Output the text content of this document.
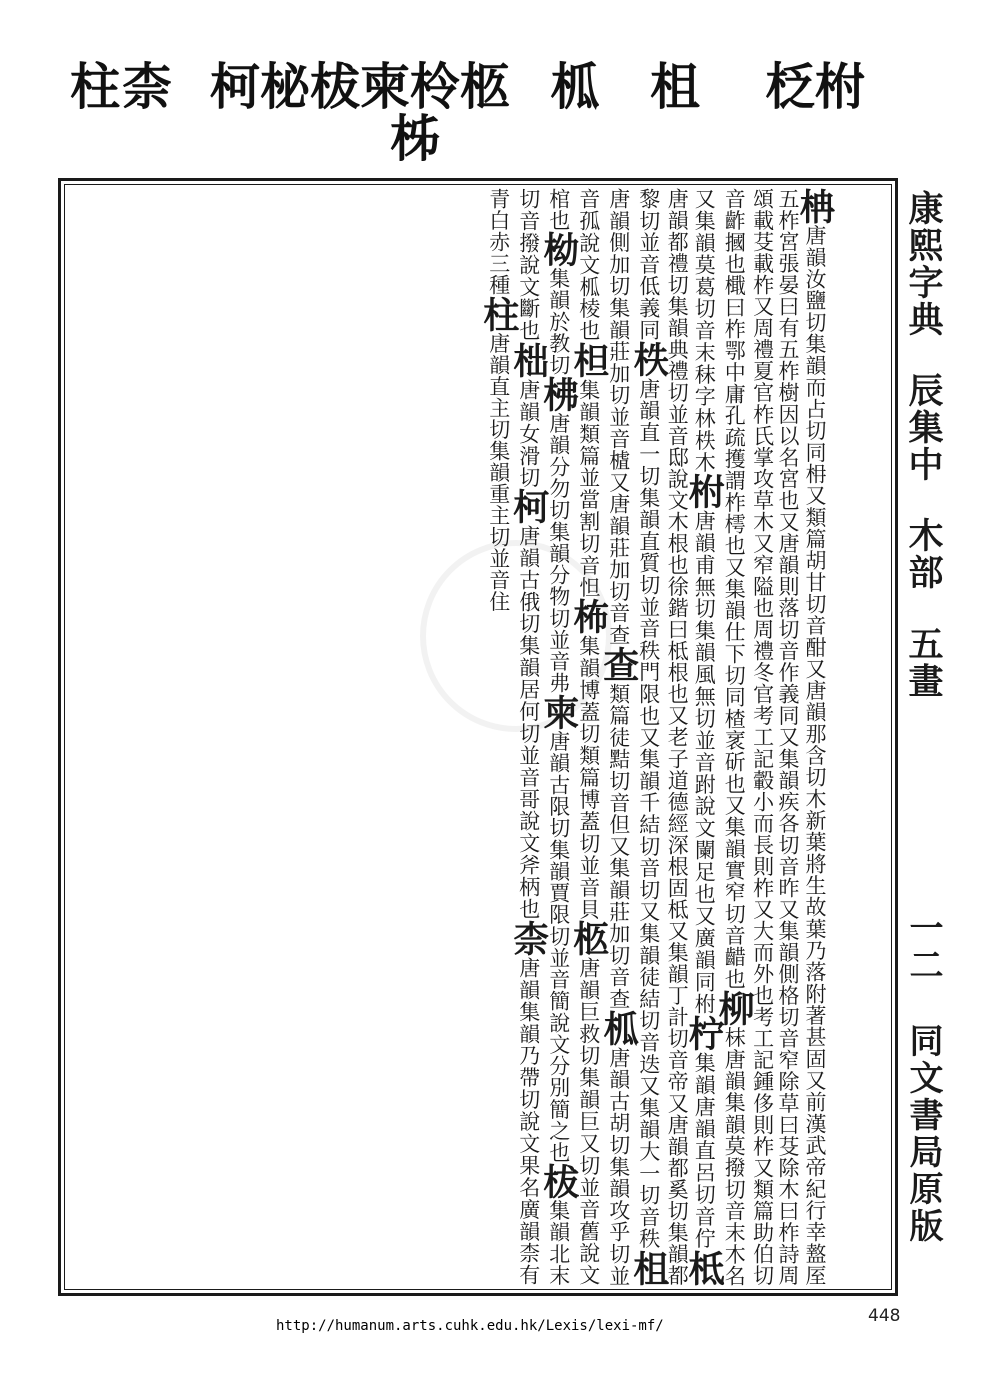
柱 柰 柯 柲 柭 柬 柃 柩 柧 柤 柉 柎
柹
柟唐韻汝鹽切集韻而占切同枏又類篇胡甘切音酣又唐韻那含切木新葉將生故葉乃落附著甚固又前漢武帝紀行幸盩厔五柞宮張晏曰有五柞樹因以名宮也又唐韻則落切音作義同又集韻疾各切音昨又集韻側格切音窄除草曰芟除木曰柞詩周頌載芟載柞又周禮夏官柞氏掌攻草木又窄隘也周禮冬官考工記轂小而長則柞又大而外也考工記鍾侈則柞又類篇助伯切音齚摑也檝曰柞鄂中庸孔疏擭謂柞樗也又集韻仕下切同楂衺斫也又集韻實窄切音齰也柳枺唐韻集韻莫撥切音末木名又集韻莫葛切音末秣字林柣木柎唐韻甫無切集韻風無切並音跗說文闌足也又廣韻同柎柠集韻唐韻直呂切音佇柢唐韻都禮切集韻典禮切並音邸說文木根也徐鍇曰柢根也又老子道德經深根固柢又集韻丁計切音帝又唐韻都奚切集韻都黎切並音低義同柣唐韻直一切集韻直質切並音秩門限也又集韻千結切音切又集韻徒結切音迭又集韻大一切音秩柤唐韻側加切集韻莊加切並音樝又唐韻莊加切音查查類篇徒黠切音但又集韻莊加切音查柧唐韻古胡切集韻攻乎切並音孤說文柧棱也柦集韻類篇並當割切音怛柨集韻博蓋切類篇博蓋切並音貝柩唐韻巨救切集韻巨又切並音舊說文棺也柪集韻於教切柫唐韻分勿切集韻分物切並音弗柬唐韻古限切集韻賈限切並音簡說文分別簡之也柭集韻北末切音撥說文斷也柮唐韻女滑切柯唐韻古俄切集韻居何切並音哥說文斧柄也柰唐韻集韻乃帶切說文果名廣韻柰有青白赤三種柱唐韻直主切集韻重主切並音住
康熙字典 辰集中 木部 五畫
一二 同文書局原版
448
http://humanum.arts.cuhk.edu.hk/Lexis/lexi-mf/
